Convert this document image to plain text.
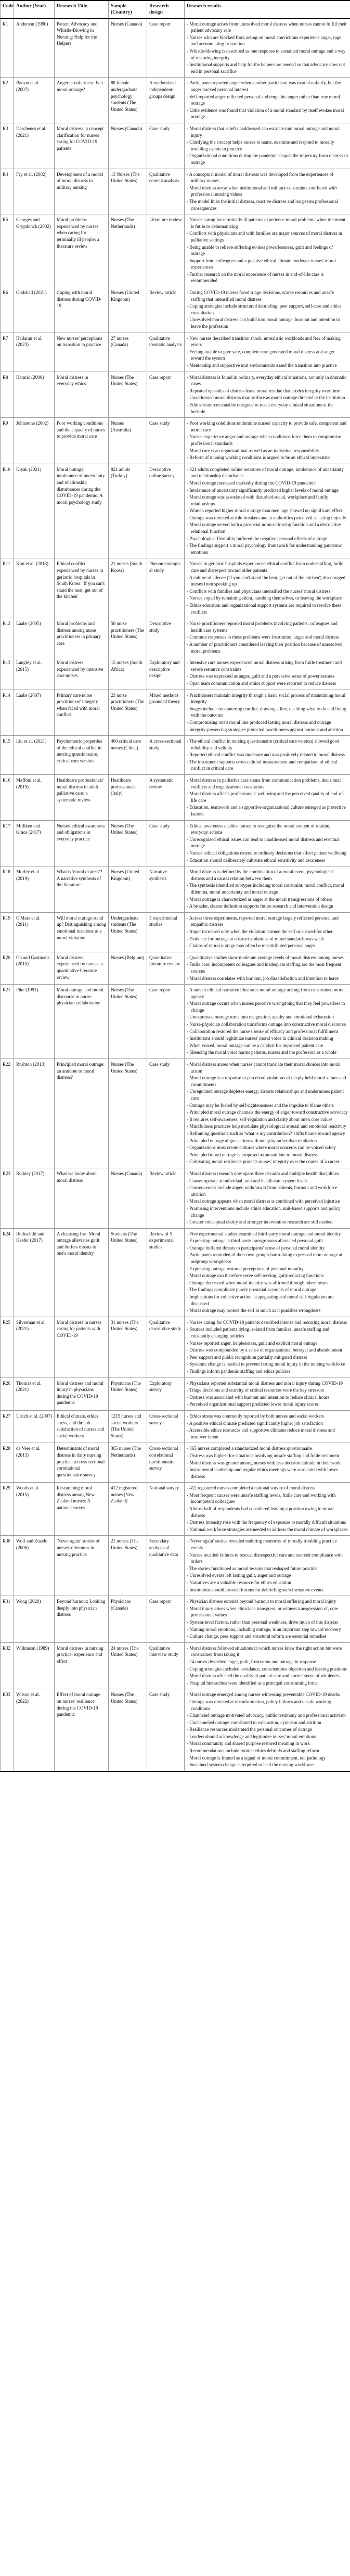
Code	Author (Year)	Research Title	Sample (Country)	Research design	Research results
R1	Anderson (1990)	Patient Advocacy and Whistle-Blowing in Nursing: Help for the Helpers	Nurses (Canada)	Case report	- Moral outrage arises from unresolved moral distress when nurses cannot fulfill their patient advocacy role
- Nurses who are blocked from acting on moral convictions experience anger, rage and accumulating frustration
- Whistle-blowing is described as one response to sustained moral outrage and a way of restoring integrity
- Institutional supports and help for the helpers are needed so that advocacy does not end in personal sacrifice

R2	Batson et al. (2007)	Anger at unfairness: Is it moral outrage?	88 female undergraduate psychology students (The United States)	A randomized independent-groups design	- Participants reported anger when another participant was treated unfairly, but the anger tracked personal interest
- Self-reported anger reflected personal and empathic anger rather than true moral outrage
- Little evidence was found that violation of a moral standard by itself evokes moral outrage

R3	Deschenes et al. (2021)	Moral distress: a concept clarification for nurses caring for COVID-19 patients	Nurses (Canada)	Case study	- Moral distress that is left unaddressed can escalate into moral outrage and moral injury
- Clarifying the concept helps nurses to name, examine and respond to morally troubling events in practice
- Organizational conditions during the pandemic shaped the trajectory from distress to outrage

R4	Fry et al. (2002)	Development of a model of moral distress in military nursing	13 Nurses (The United States)	Qualitative content analysis	- A conceptual model of moral distress was developed from the experiences of military nurses
- Moral distress arose when institutional and military constraints conflicted with professional nursing values
- The model links the initial distress, reactive distress and long-term professional consequences

R5	Georges and Grypdonck (2002)	Moral problems experienced by nurses when caring for terminally ill people: a literature review	Nurses (The Netherlands)	Literature review	- Nurses caring for terminally ill patients experience moral problems when treatment is futile or dehumanizing
- Conflicts with physicians and with families are major sources of moral distress in palliative settings
- Being unable to relieve suffering evokes powerlessness, guilt and feelings of outrage
- Support from colleagues and a positive ethical climate moderate nurses' moral experiences
- Further research on the moral experience of nurses in end-of-life care is recommended

R6	Godshall (2021)	Coping with moral distress during COVID-19	Nurses (United Kingdom)	Review article	- During COVID-19 nurses faced triage decisions, scarce resources and unsafe staffing that intensified moral distress
- Coping strategies include structured debriefing, peer support, self-care and ethics consultation
- Unresolved moral distress can build into moral outrage, burnout and intention to leave the profession

R7	Hallaran et al. (2023)	New nurses' perceptions on transition to practice	27 nurses (Canada)	Qualitative thematic analysis	- New nurses described transition shock, unrealistic workloads and fear of making errors
- Feeling unable to give safe, complete care generated moral distress and anger toward the system
- Mentorship and supportive unit environments eased the transition into practice

R8	Hamric (2000)	Moral distress in everyday ethics	Nurses (The United States)	Case report	- Moral distress is found in ordinary, everyday ethical situations, not only in dramatic cases
- Repeated episodes of distress leave moral residue that erodes integrity over time
- Unaddressed moral distress may surface as moral outrage directed at the institution
- Ethics resources must be designed to reach everyday clinical situations at the bedside

R9	Johnstone (2002)	Poor working conditions and the capacity of nurses to provide moral care	Nurses (Australia)	Case study	- Poor working conditions undermine nurses' capacity to provide safe, competent and moral care
- Nurses experience anger and outrage when conditions force them to compromise professional standards
- Moral care is an organizational as well as an individual responsibility
- Reform of nursing working conditions is argued to be an ethical imperative

R10	Kiyak (2021)	Moral outrage, intolerance of uncertainty and relationship disturbances during the COVID-19 pandemic: A moral psychology study	821 adults (Turkey)	Descriptive online survey	
- 821 adults completed online measures of moral outrage, intolerance of uncertainty and relationship disturbance
- Moral outrage increased markedly during the COVID-19 pandemic
- Intolerance of uncertainty significantly predicted higher levels of moral outrage
- Moral outrage was associated with disturbed social, workplace and family relationships
- Women reported higher moral outrage than men; age showed no significant effect
- Outrage was directed at rule-breakers and at authorities perceived as acting unjustly
- Moral outrage served both a prosocial norm-enforcing function and a destructive relational function
- Psychological flexibility buffered the negative personal effects of outrage
- The findings support a moral psychology framework for understanding pandemic emotions

R11	Kim et al. (2018)	Ethical conflict experienced by nurses in geriatric hospitals in South Korea: 'If you can't stand the heat, get out of the kitchen'	21 nurses (South Korea)	Phenomenological study	- Nurses in geriatric hospitals experienced ethical conflict from understaffing, futile care and disrespect toward older patients
- A culture of silence ('if you can't stand the heat, get out of the kitchen') discouraged nurses from speaking up
- Conflicts with families and physicians intensified the nurses' moral distress
- Nurses coped by remaining silent, numbing themselves, or leaving the workplace
- Ethics education and organizational support systems are required to resolve these conflicts

R12	Laabs (2005)	Moral problems and distress among nurse practitioners in primary care	50 nurse practitioners (The United States)	Descriptive study	- Nurse practitioners reported moral problems involving patients, colleagues and health care systems
- Common responses to these problems were frustration, anger and moral distress
- A number of practitioners considered leaving their position because of unresolved moral problems

R13	Langley et al. (2015)	Moral distress experienced by intensive care nurses	15 nurses (South Africa)	Exploratory and descriptive design	- Intensive care nurses experienced moral distress arising from futile treatment and severe resource constraints
- Distress was expressed as anger, guilt and a pervasive sense of powerlessness
- Open team communication and ethics support were reported to reduce distress

R14	Laabs (2007)	Primary care nurse practitioners' integrity when faced with moral conflict	23 nurse practitioners (The United States)	Mixed methods grounded theory	- Practitioners maintain integrity through a basic social process of maintaining moral integrity
- Stages include encountering conflict, drawing a line, deciding what to do and living with the outcome
- Compromising one's moral line produced lasting moral distress and outrage
- Integrity-preserving strategies protected practitioners against burnout and attrition

R15	Liu et al. (2021)	Psychometric properties of the ethical conflict in nursing questionnaire, critical care version	460 critical care nurses (China)	A cross-sectional study	- The ethical conflict in nursing questionnaire (critical care version) showed good reliability and validity
- Reported ethical conflict was moderate and was positively related to moral distress
- The instrument supports cross-cultural measurement and comparison of ethical conflict in critical care

R16	Maffoni et al. (2019)	Healthcare professionals' moral distress in adult palliative care: a systematic review	Healthcare professionals (Italy)	A systematic review	- Moral distress in palliative care stems from communication problems, decisional conflicts and organizational constraints
- Moral distress affects professionals' wellbeing and the perceived quality of end-of-life care
- Education, teamwork and a supportive organizational culture emerged as protective factors

R17	Milliken and Grace (2017)	Nurses' ethical awareness and obligations in everyday practice	Nurses (The United States)	Case study	- Ethical awareness enables nurses to recognize the moral content of routine, everyday actions
- Unrecognized ethical issues can lead to unaddressed moral distress and eventual outrage
- Nurses' ethical obligations extend to ordinary decisions that affect patient wellbeing
- Education should deliberately cultivate ethical sensitivity and awareness

R18	Morley et al. (2019)	What is 'moral distress'? A narrative synthesis of the literature	Nurses (United Kingdom)	Narrative synthesis	- Moral distress is defined by the combination of a moral event, psychological distress and a causal relation between them
- The synthesis identified subtypes including moral constraint, moral conflict, moral dilemma, moral uncertainty and moral outrage
- Moral outrage is characterized as anger at the moral transgressions of others
- A broader, clearer definition supports future research and intervention design

R19	O'Mara et al. (2011)	Will moral outrage stand up? Distinguishing among emotional reactions to a moral violation	Undergraduate students (The United States)	3 experimental studies	- Across three experiments, reported moral outrage largely reflected personal and empathic distress
- Anger increased only when the violation harmed the self or a cared-for other
- Evidence for outrage at abstract violations of moral standards was weak
- Claims of moral outrage may often be misattributed personal anger

R20	Oh and Gastmans (2015)	Moral distress experienced by nurses: a quantitative literature review	Nurses (Belgium)	Quantitative literature review	- Quantitative studies show moderate average levels of moral distress among nurses
- Futile care, incompetent colleagues and inadequate staffing are the most frequent sources
- Moral distress correlates with burnout, job dissatisfaction and intention to leave

R21	Pike (1991)	Moral outrage and moral discourse in nurse-physician collaboration	Nurses (The United States)	Case report	
-A nurse's clinical narrative illustrates moral outrage arising from constrained moral agency
- Moral outrage occurs when nurses perceive wrongdoing that they feel powerless to change
- Unexpressed outrage turns into resignation, apathy and emotional exhaustion
- Nurse-physician collaboration transforms outrage into constructive moral discourse
- Collaboration restored the nurse's sense of efficacy and professional fulfillment
- Institutions should legitimize nurses' moral voice in clinical decision making
- When voiced, moral outrage can be a catalyst for improved patient care
- Silencing the moral voice harms patients, nurses and the profession as a whole

R22	Rushton (2013)	Principled moral outrage: an antidote to moral distress?	Nurses (The United States)	Case study	
-Moral distress arises when nurses cannot translate their moral choices into moral action
- Moral outrage is a response to perceived violations of deeply held moral values and commitments
- Unregulated outrage depletes energy, distorts relationships and undermines patient care
- Outrage may be fueled by self-righteousness and the impulse to blame others
- Principled moral outrage channels the energy of anger toward constructive advocacy
- It requires self-awareness, self-regulation and clarity about one's core values
- Mindfulness practices help modulate physiological arousal and emotional reactivity
- Reframing questions such as 'what is my contribution?' shifts blame toward agency
- Principled outrage aligns action with integrity rather than retaliation
- Organizations must create cultures where moral concerns can be voiced safely
- Principled moral outrage is proposed as an antidote to moral distress
- Cultivating moral resilience protects nurses' integrity over the course of a career

R23	Rodney (2017)	What we know about moral distress	Nurses (Canada)	Review article	
-Moral distress research now spans three decades and multiple health disciplines
- Causes operate at individual, unit and health care system levels
- Consequences include anger, withdrawal from patients, burnout and workforce attrition
- Moral outrage appears when moral distress is combined with perceived injustice
- Promising interventions include ethics education, unit-based supports and policy change
- Greater conceptual clarity and stronger intervention research are still needed

R24	Rothschild and Keefer (2017)	A cleansing fire: Moral outrage alleviates guilt and buffers threats to one's moral identity	Students (The United States)	Review of 5 experimental studies	
- Five experimental studies examined third-party moral outrage and moral identity
- Expressing outrage at third-party transgressors alleviated personal guilt
- Outrage buffered threats to participants' sense of personal moral identity
- Participants reminded of their own group's harm-doing expressed more outrage at outgroup wrongdoers
- Expressing outrage restored perceptions of personal morality
- Moral outrage can therefore serve self-serving, guilt-reducing functions
- Outrage decreased when moral identity was affirmed through other means
- The findings complicate purely prosocial accounts of moral outrage
- Implications for collective action, scapegoating and moral self-regulation are discussed
- Moral outrage may protect the self as much as it punishes wrongdoers

R25	Silverman et al. (2021)	Moral distress in nurses caring for patients with COVID-19	31 nurses (The United States)	Qualitative descriptive study	
- Nurses caring for COVID-19 patients described intense and recurring moral distress
- Sources included patients dying isolated from families, unsafe staffing and constantly changing policies
- Nurses reported anger, helplessness, guilt and explicit moral outrage
- Distress was compounded by a sense of organizational betrayal and abandonment
- Peer support and public recognition partially mitigated distress
- Systemic change is needed to prevent lasting moral injury in the nursing workforce
- Findings inform pandemic staffing and ethics policies

R26	Thomas et al. (2021)	Moral distress and moral injury in physicians during the COVID-19 pandemic	Physicians (The United States)	Exploratory survey	- Physicians reported substantial moral distress and moral injury during COVID-19
- Triage decisions and scarcity of critical resources were the key stressors
- Distress was associated with burnout and intention to reduce clinical hours
- Perceived organizational support predicted lower moral injury scores

R27	Ulrich et al. (2007)	Ethical climate, ethics stress, and the job satisfaction of nurses and social workers	1215 nurses and social workers (The United States)	Cross-sectional survey	- Ethics stress was commonly reported by both nurses and social workers
- A positive ethical climate predicted significantly higher job satisfaction
- Accessible ethics resources and supportive climates reduce moral distress and turnover intent

R28	de Veer et al. (2013)	Determinants of moral distress in daily nursing practice: a cross sectional correlational questionnaire survey	365 nurses (The Netherlands)	Cross-sectional correlational questionnaire survey	- 365 nurses completed a standardized moral distress questionnaire
- Distress was highest for situations involving unsafe staffing and futile treatment
- Moral distress was greater among nurses with less decision latitude in their work
- Instrumental leadership and regular ethics meetings were associated with lower distress

R29	Woods et al. (2015)	Researching moral distress among New Zealand nurses: A national survey	412 registered nurses (New Zealand)	National survey	- 412 registered nurses completed a national survey of moral distress
- Most frequent causes were unsafe staffing levels, futile care and working with incompetent colleagues
- Almost half of respondents had considered leaving a position owing to moral distress
- Distress intensity rose with the frequency of exposure to morally difficult situations
- National workforce strategies are needed to address the moral climate of workplaces

R30	Wolf and Zuzelo (2006)	'Never again' stories of nurses: dilemmas in nursing practice	21 nurses (The United States)	Secondary analysis of qualitative data	
- 'Never again' stories revealed enduring memories of morally troubling practice events
- Nurses recalled failures to rescue, disrespectful care and coerced compliance with orders
- The stories functioned as moral lessons that reshaped future practice
- Unresolved events left lasting guilt, anger and outrage
- Narratives are a valuable resource for ethics education
- Institutions should provide forums for debriefing such formative events

R31	Wong (2020)	Beyond burnout: Looking deeply into physician distress	Physicians (Canada)	Case report	- Physician distress extends beyond burnout to moral suffering and moral injury
- Moral injury arises when clinicians transgress, or witness transgression of, core professional values
- System-level factors, rather than personal weakness, drive much of this distress
- Naming moral emotions, including outrage, is an important step toward recovery
- Culture change, peer support and structural reform are essential remedies

R32	Wilkinson (1989)	Moral distress in nursing practice: experience and effect	24 nurses (The United States)	Qualitative interview study	- Moral distress followed situations in which nurses knew the right action but were constrained from taking it
- 24 nurses described anger, guilt, frustration and outrage in response
- Coping strategies included avoidance, conscientious objection and leaving positions
- Moral distress affected the quality of patient care and nurses' sense of wholeness
- Hospital hierarchies were identified as a principal constraining force

R33	Wilson et al. (2022)	Effect of moral outrage on nurses' resilience during the COVID-19 pandemic	Nurses (The United States)	Case study	
-Moral outrage emerged among nurses witnessing preventable COVID-19 deaths
- Outrage was directed at misinformation, policy failures and unsafe working conditions
- Channeled outrage motivated advocacy, public testimony and professional activism
- Unchanneled outrage contributed to exhaustion, cynicism and attrition
- Resilience resources moderated the personal outcomes of outrage
- Leaders should acknowledge and legitimize nurses' moral emotions
- Moral community and shared purpose restored meaning in work
- Recommendations include routine ethics debriefs and staffing reform
- Moral outrage is framed as a signal of moral commitment, not pathology
- Sustained system change is required to heal the nursing workforce
